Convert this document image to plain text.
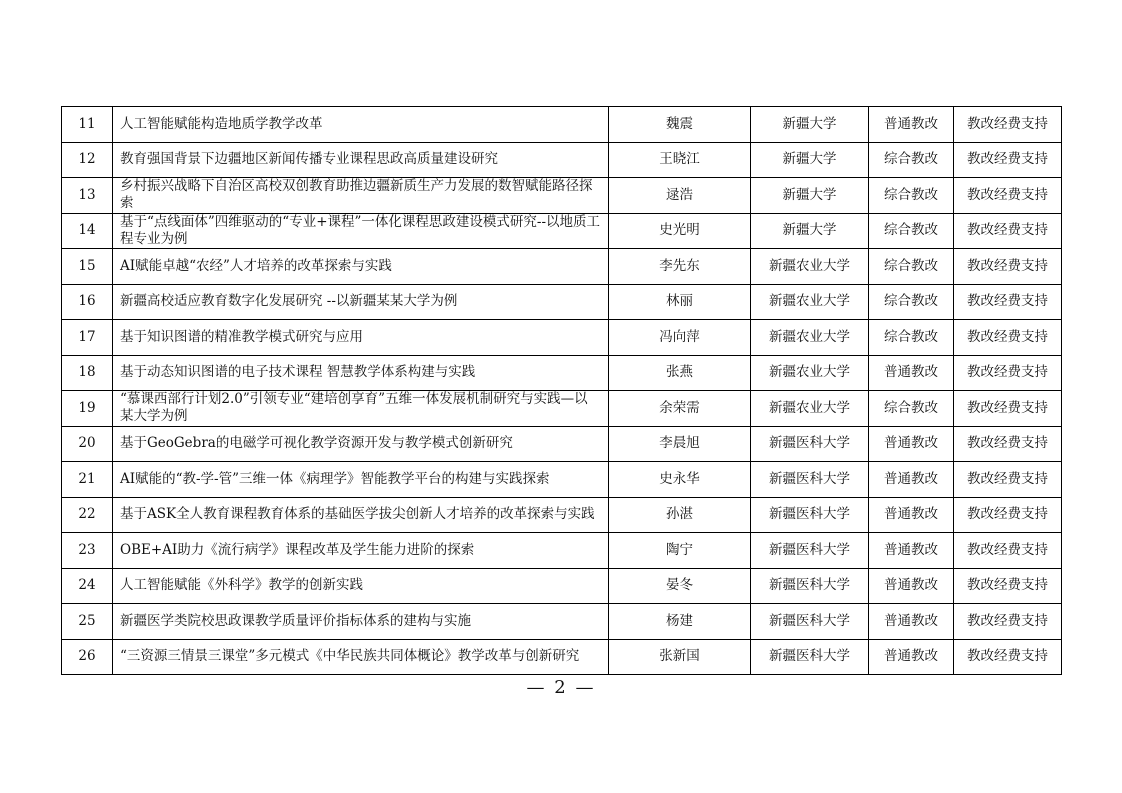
11	人工智能赋能构造地质学教学改革	魏震	新疆大学	普通教改	教改经费支持
12	教育强国背景下边疆地区新闻传播专业课程思政高质量建设研究	王晓江	新疆大学	综合教改	教改经费支持
13	乡村振兴战略下自治区高校双创教育助推边疆新质生产力发展的数智赋能路径探索	逯浩	新疆大学	综合教改	教改经费支持
14	基于“点线面体”四维驱动的“专业+课程”一体化课程思政建设模式研究--以地质工程专业为例	史光明	新疆大学	综合教改	教改经费支持
15	AI赋能卓越“农经”人才培养的改革探索与实践	李先东	新疆农业大学	综合教改	教改经费支持
16	新疆高校适应教育数字化发展研究 --以新疆某某大学为例	林丽	新疆农业大学	综合教改	教改经费支持
17	基于知识图谱的精准教学模式研究与应用	冯向萍	新疆农业大学	综合教改	教改经费支持
18	基于动态知识图谱的电子技术课程 智慧教学体系构建与实践	张燕	新疆农业大学	普通教改	教改经费支持
19	“慕课西部行计划2.0”引领专业“建培创享育”五维一体发展机制研究与实践—以某大学为例	余荣需	新疆农业大学	综合教改	教改经费支持
20	基于GeoGebra的电磁学可视化教学资源开发与教学模式创新研究	李晨旭	新疆医科大学	普通教改	教改经费支持
21	AI赋能的“教-学-管”三维一体《病理学》智能教学平台的构建与实践探索	史永华	新疆医科大学	普通教改	教改经费支持
22	基于ASK全人教育课程教育体系的基础医学拔尖创新人才培养的改革探索与实践	孙湛	新疆医科大学	普通教改	教改经费支持
23	OBE+AI助力《流行病学》课程改革及学生能力进阶的探索	陶宁	新疆医科大学	普通教改	教改经费支持
24	人工智能赋能《外科学》教学的创新实践	晏冬	新疆医科大学	普通教改	教改经费支持
25	新疆医学类院校思政课教学质量评价指标体系的建构与实施	杨建	新疆医科大学	普通教改	教改经费支持
26	“三资源三情景三课堂”多元模式《中华民族共同体概论》教学改革与创新研究	张新国	新疆医科大学	普通教改	教改经费支持
— 2 —
